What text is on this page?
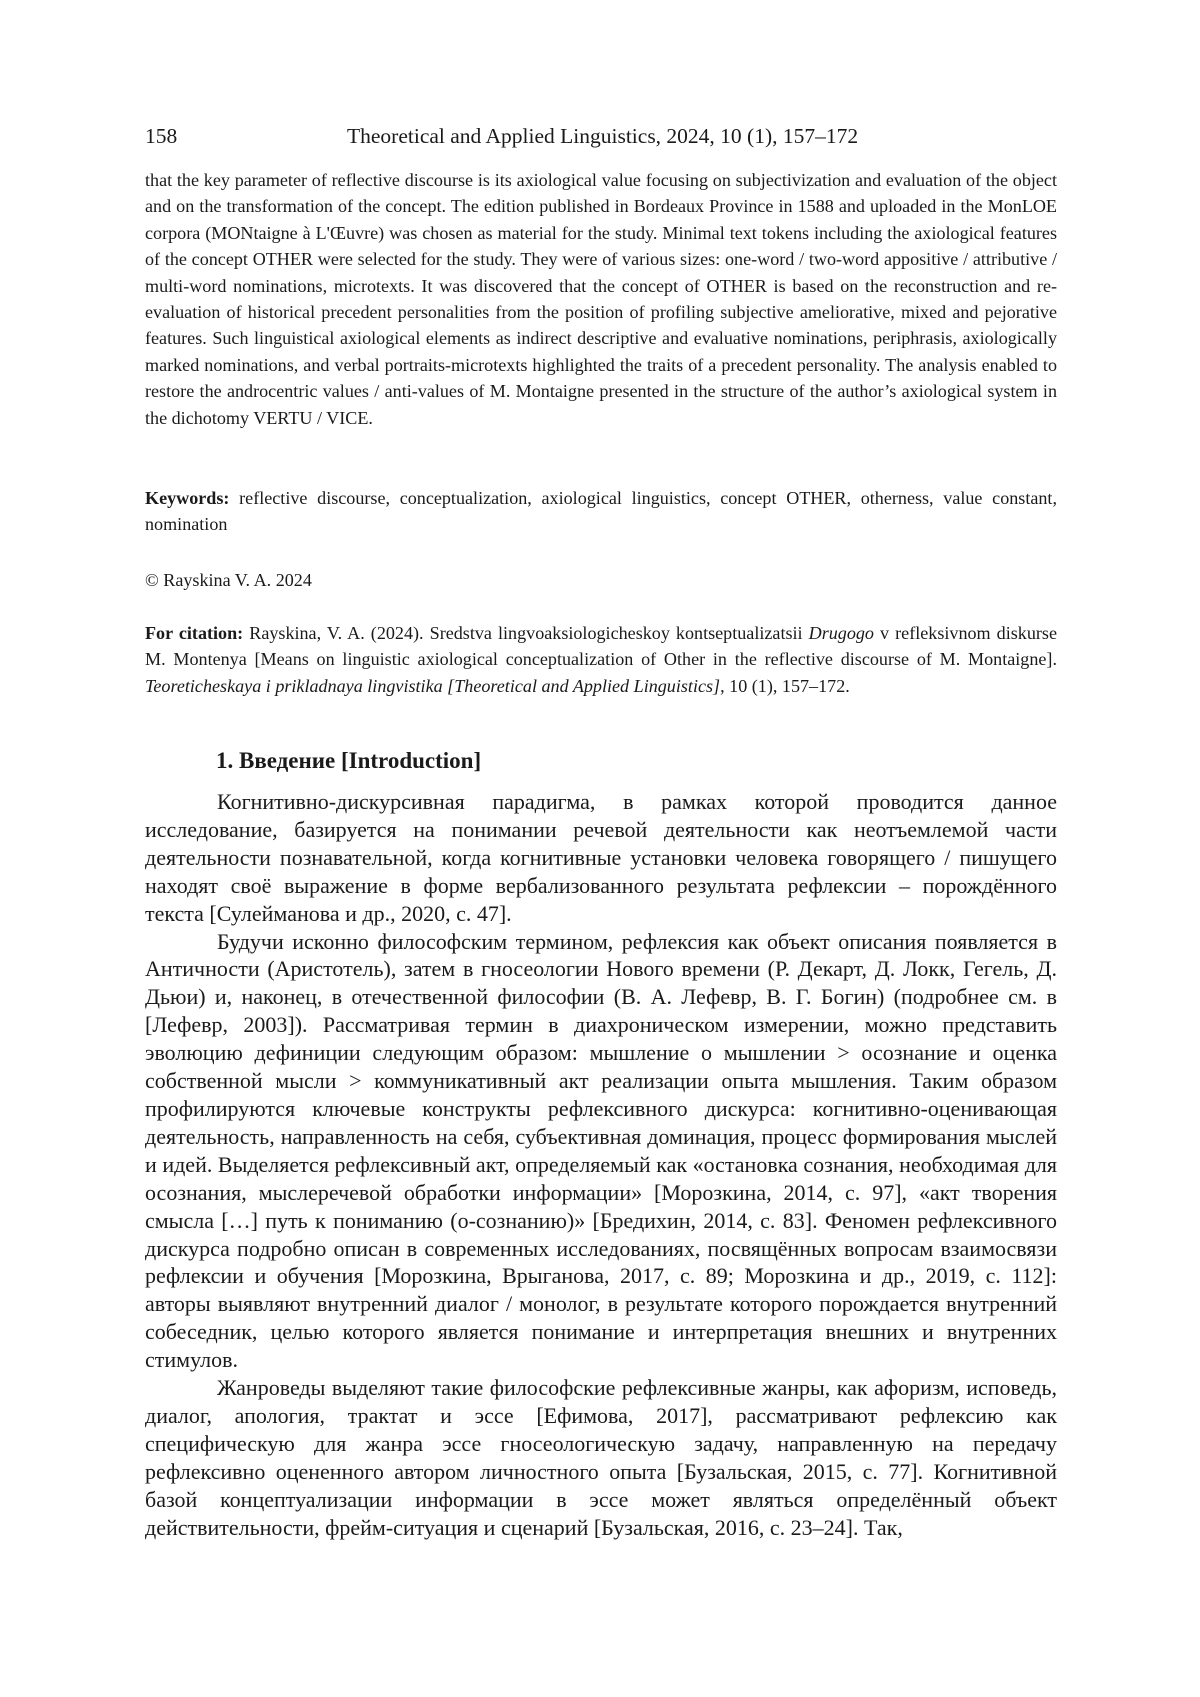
158	Theoretical and Applied Linguistics, 2024, 10 (1), 157–172
that the key parameter of reflective discourse is its axiological value focusing on subjectivization and evaluation of the object and on the transformation of the concept. The edition published in Bordeaux Province in 1588 and uploaded in the MonLOE corpora (MONtaigne à L'Œuvre) was chosen as material for the study. Minimal text tokens including the axiological features of the concept OTHER were selected for the study. They were of various sizes: one-word / two-word appositive / attributive / multi-word nominations, microtexts. It was discovered that the concept of OTHER is based on the reconstruction and re-evaluation of historical precedent personalities from the position of profiling subjective ameliorative, mixed and pejorative features. Such linguistical axiological elements as indirect descriptive and evaluative nominations, periphrasis, axiologically marked nominations, and verbal portraits-microtexts highlighted the traits of a precedent personality. The analysis enabled to restore the androcentric values / anti-values of M. Montaigne presented in the structure of the author’s axiological system in the dichotomy VERTU / VICE.
Keywords: reflective discourse, conceptualization, axiological linguistics, concept OTHER, otherness, value constant, nomination
© Rayskina V. A. 2024
For citation: Rayskina, V. A. (2024). Sredstva lingvoaksiologicheskoy kontseptualizatsii Drugogo v refleksivnom diskurse M. Montenya [Means on linguistic axiological conceptualization of Other in the reflective discourse of M. Montaigne]. Teoreticheskaya i prikladnaya lingvistika [Theoretical and Applied Linguistics], 10 (1), 157–172.
1. Введение [Introduction]

Когнитивно-дискурсивная парадигма, в рамках которой проводится данное исследование, базируется на понимании речевой деятельности как неотъемлемой части деятельности познавательной, когда когнитивные установки человека говорящего / пишущего находят своё выражение в форме вербализованного результата рефлексии – порождённого текста [Сулейманова и др., 2020, с. 47].

Будучи исконно философским термином, рефлексия как объект описания появляется в Античности (Аристотель), затем в гносеологии Нового времени (Р. Декарт, Д. Локк, Гегель, Д. Дьюи) и, наконец, в отечественной философии (В. А. Лефевр, В. Г. Богин) (подробнее см. в [Лефевр, 2003]). Рассматривая термин в диахроническом измерении, можно представить эволюцию дефиниции следующим образом: мышление о мышлении > осознание и оценка собственной мысли > коммуникативный акт реализации опыта мышления. Таким образом профилируются ключевые конструкты рефлексивного дискурса: когнитивно-оценивающая деятельность, направленность на себя, субъективная доминация, процесс формирования мыслей и идей. Выделяется рефлексивный акт, определяемый как «остановка сознания, необходимая для осознания, мыслеречевой обработки информации» [Морозкина, 2014, с. 97], «акт творения смысла […] путь к пониманию (о-сознанию)» [Бредихин, 2014, с. 83]. Феномен рефлексивного дискурса подробно описан в современных исследованиях, посвящённых вопросам взаимосвязи рефлексии и обучения [Морозкина, Врыганова, 2017, с. 89; Морозкина и др., 2019, с. 112]: авторы выявляют внутренний диалог / монолог, в результате которого порождается внутренний собеседник, целью которого является понимание и интерпретация внешних и внутренних стимулов.

Жанроведы выделяют такие философские рефлексивные жанры, как афоризм, исповедь, диалог, апология, трактат и эссе [Ефимова, 2017], рассматривают рефлексию как специфическую для жанра эссе гносеологическую задачу, направленную на передачу рефлексивно оцененного автором личностного опыта [Бузальская, 2015, с. 77]. Когнитивной базой концептуализации информации в эссе может являться определённый объект действительности, фрейм-ситуация и сценарий [Бузальская, 2016, с. 23–24]. Так,
